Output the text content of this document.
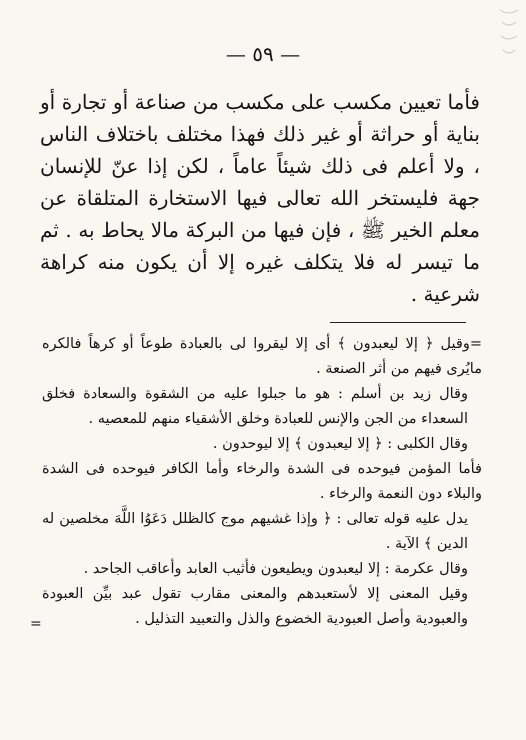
— ٥٩ —

فأما تعيين مكسب على مكسب من صناعة أو تجارة أو بناية أو حراثة أو غير ذلك فهذا مختلف باختلاف الناس ، ولا أعلم فى ذلك شيئاً عاماً ، لكن إذا عنّ للإنسان جهة فليستخر الله تعالى فيها الاستخارة المتلقاة عن معلم الخير ﷺ ، فإن فيها من البركة مالا يحاط به . ثم ما تيسر له فلا يتكلف غيره إلا أن يكون منه كراهة شرعية .

=وقيل ﴿ إلا ليعبدون ﴾ أى إلا ليقروا لى بالعبادة طوعاً أو كرهاً فالكره مايُرى فيهم من أثر الصنعة .

وقال زيد بن أسلم : هو ما جبلوا عليه من الشقوة والسعادة فخلق السعداء من الجن والإنس للعبادة وخلق الأشقياء منهم للمعصيه .

وقال الكلبى : ﴿ إلا ليعبدون ﴾ إلا ليوحدون .

فأما المؤمن فيوحده فى الشدة والرخاء وأما الكافر فيوحده فى الشدة والبلاء دون النعمة والرخاء .

يدل عليه قوله تعالى : ﴿ وإذا غشيهم موج كالظلل دَعَوُا اللَّهَ مخلصين له الدين ﴾ الآية .

وقال عكرمة : إلا ليعبدون ويطيعون فأثيب العابد وأعاقب الجاحد .

وقيل المعنى إلا لأستعبدهم والمعنى مقارب تقول عبد بيِّن العبودة والعبودية وأصل العبودية الخضوع والذل والتعبيد التذليل .

=
